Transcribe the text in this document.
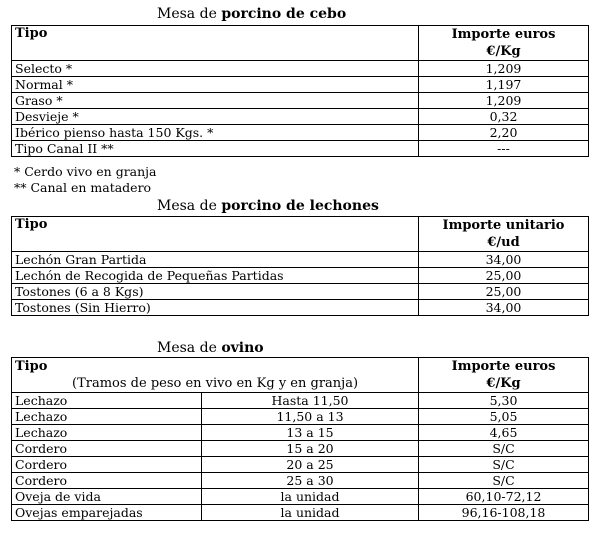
Mesa de porcino de cebo
Tipo	Importe euros
€/Kg
Selecto *	1,209
Normal *	1,197
Graso *	1,209
Desvieje *	0,32
Ibérico pienso hasta 150 Kgs. *	2,20
Tipo Canal II **	---
* Cerdo vivo en granja
** Canal en matadero
Mesa de porcino de lechones
Tipo	Importe unitario
€/ud
Lechón Gran Partida	34,00
Lechón de Recogida de Pequeñas Partidas	25,00
Tostones (6 a 8 Kgs)	25,00
Tostones (Sin Hierro)	34,00
Mesa de ovino
Tipo
(Tramos de peso en vivo en Kg y en granja)		Importe euros
€/Kg
Lechazo	Hasta 11,50	5,30
Lechazo	11,50 a 13	5,05
Lechazo	13 a 15	4,65
Cordero	15 a 20	S/C
Cordero	20 a 25	S/C
Cordero	25 a 30	S/C
Oveja de vida	la unidad	60,10-72,12
Ovejas emparejadas	la unidad	96,16-108,18
